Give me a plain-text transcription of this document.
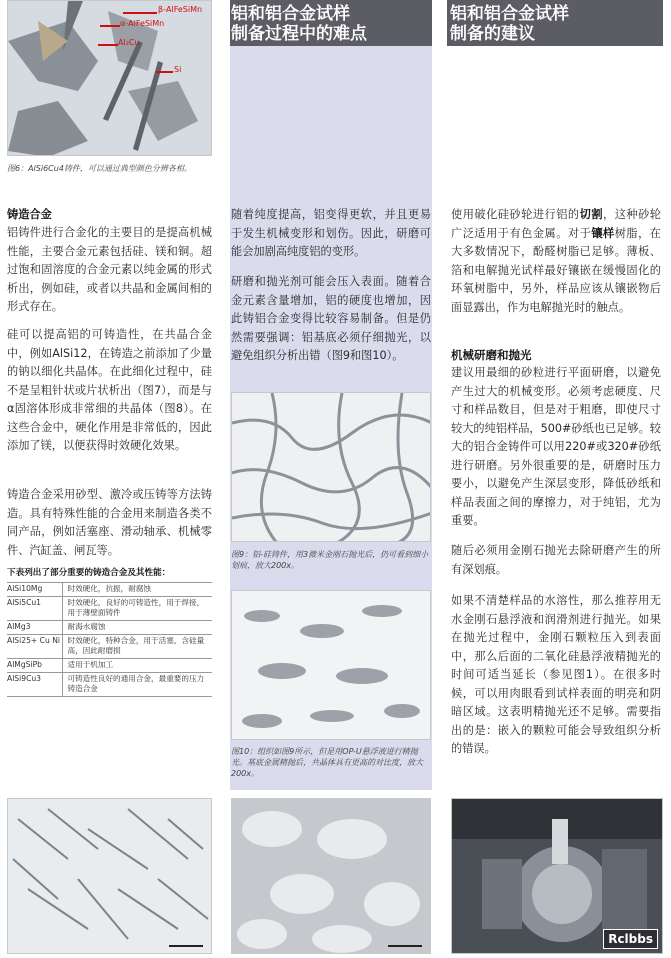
β-AlFeSiMn
α-AlFeSiMn
Al₂Cu
Si
图6：AlSi6Cu4铸件，可以通过典型颜色分辨各相。
铸造合金
铝铸件进行合金化的主要目的是提高机械性能，主要合金元素包括硅、镁和铜。超过饱和固溶度的合金元素以纯金属的形式析出，例如硅，或者以共晶和金属间相的形式存在。
硅可以提高铝的可铸造性，在共晶合金中，例如AlSi12，在铸造之前添加了少量的钠以细化共晶体。在此细化过程中，硅不是呈粗针状或片状析出（图7），而是与α固溶体形成非常细的共晶体（图8）。在这些合金中，硬化作用是非常低的，因此添加了镁，以便获得时效硬化效果。
铸造合金采用砂型、激冷或压铸等方法铸造。具有特殊性能的合金用来制造各类不同产品，例如活塞座、滑动轴承、机械零件、汽缸盖、闸瓦等。
下表列出了部分重要的铸造合金及其性能：
AlSi10Mg	时效硬化，抗振，耐腐蚀
AlSi5Cu1	时效硬化，良好的可铸造性，用于焊接，用于薄壁面铸件
AlMg3	耐海水腐蚀
AlSi25+ Cu Ni	时效硬化，特种合金，用于活塞，含硅量高，因此耐磨损
AlMgSiPb	适用于机加工
AlSi9Cu3	可铸造性良好的通用合金，最重要的压力铸造合金
铝和铝合金试样
制备过程中的难点
随着纯度提高，铝变得更软，并且更易于发生机械变形和划伤。因此，研磨可能会加剧高纯度铝的变形。
研磨和抛光剂可能会压入表面。随着合金元素含量增加，铝的硬度也增加，因此铸铝合金变得比较容易制备。但是仍然需要强调：铝基底必须仔细抛光，以避免组织分析出错（图9和图10）。
图9：铝-硅铸件，用3微米金刚石抛光后，仍可看到细小划痕，放大200x。
图10：组织如图9所示，但是用OP-U悬浮液进行精抛光。基底金属精抛后，共晶体具有更高的对比度，放大200x。
铝和铝合金试样
制备的建议
使用破化硅砂轮进行铝的切割，这种砂轮广泛适用于有色金属。对于镶样树脂，在大多数情况下，酚醛树脂已足够。薄板、箔和电解抛光试样最好镶嵌在缓慢固化的环氧树脂中，另外，样品应该从镶嵌物后面显露出，作为电解抛光时的触点。
机械研磨和抛光
建议用最细的砂粒进行平面研磨，以避免产生过大的机械变形。必须考虑硬度、尺寸和样品数目，但是对于粗磨，即使尺寸较大的纯铝样品，500#砂纸也已足够。较大的铝合金铸件可以用220#或320#砂纸进行研磨。另外很重要的是，研磨时压力要小，以避免产生深层变形，降低砂纸和样品表面之间的摩擦力，对于纯铝，尤为重要。
随后必须用金刚石抛光去除研磨产生的所有深划痕。
如果不清楚样品的水溶性，那么推荐用无水金刚石悬浮液和润滑剂进行抛光。如果在抛光过程中，金刚石颗粒压入到表面中，那么后面的二氧化硅悬浮液精抛光的时间可适当延长（参见图1）。在很多时候，可以用肉眼看到试样表面的明亮和阴暗区域。这表明精抛光还不足够。需要指出的是：嵌入的颗粒可能会导致组织分析的错误。
Rclbbs
